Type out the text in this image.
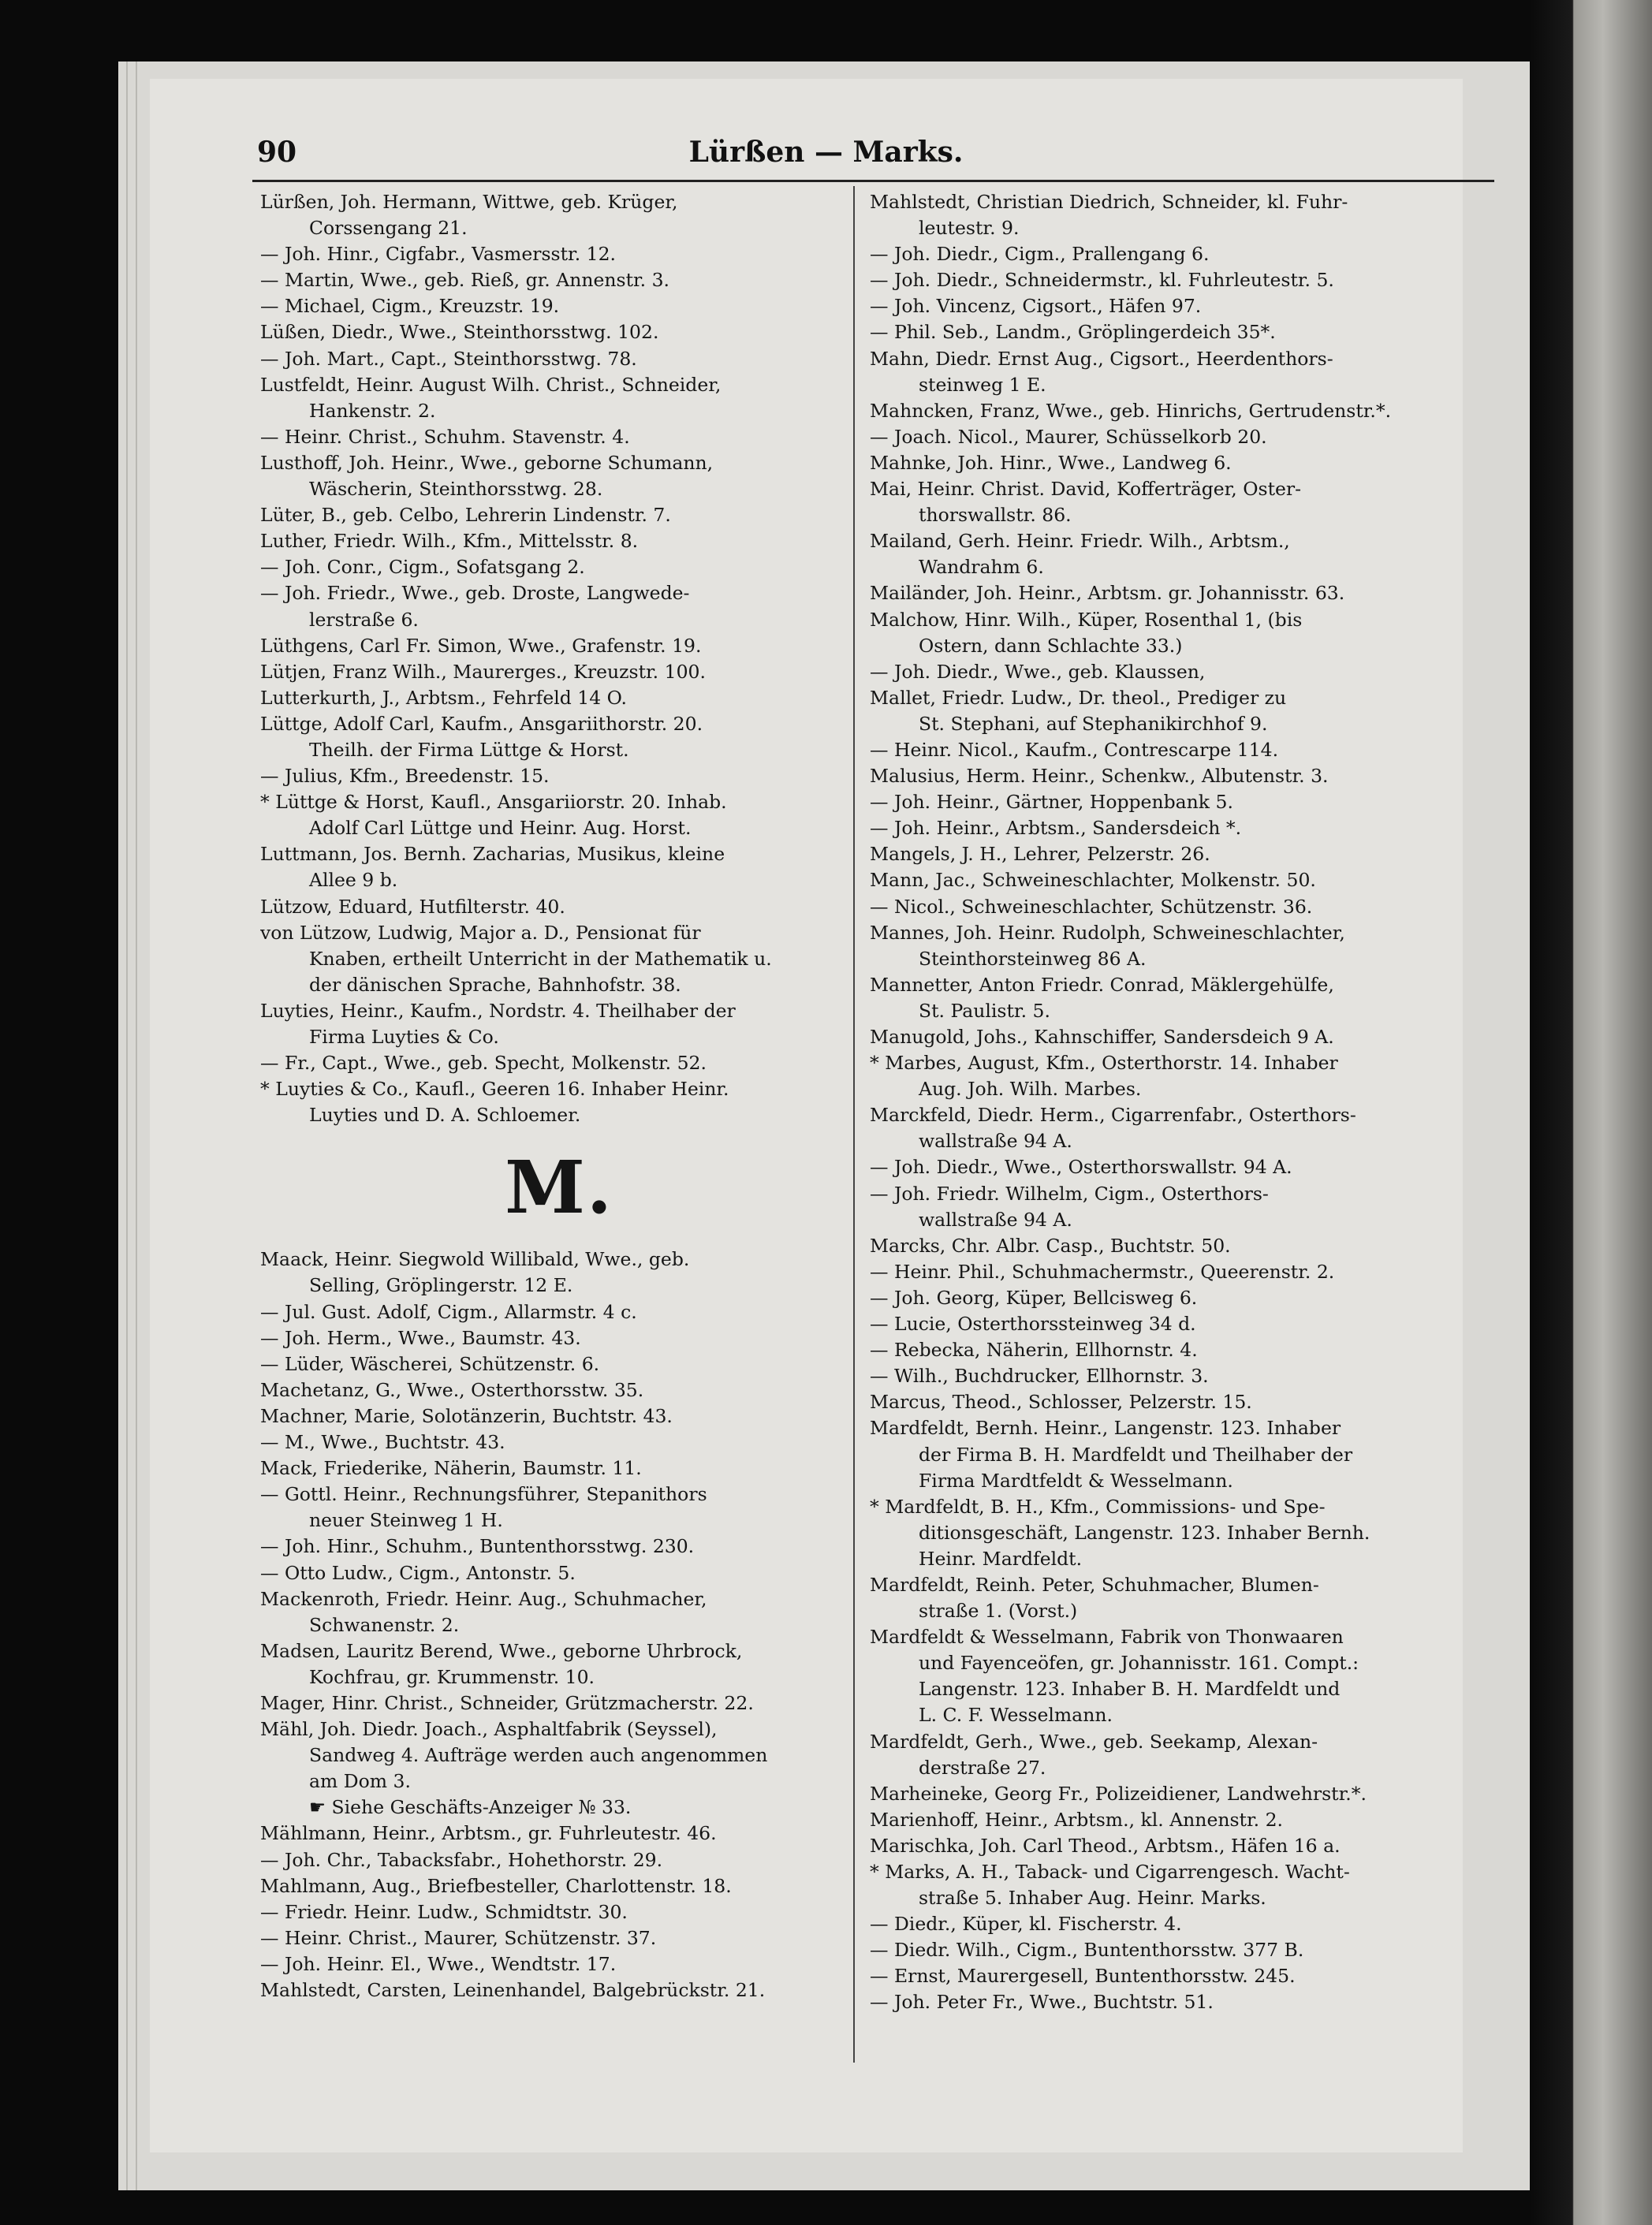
90	Lürßen — Marks.
Lürßen, Joh. Hermann, Wittwe, geb. Krüger,
Corssengang 21.
— Joh. Hinr., Cigfabr., Vasmersstr. 12.
— Martin, Wwe., geb. Rieß, gr. Annenstr. 3.
— Michael, Cigm., Kreuzstr. 19.
Lüßen, Diedr., Wwe., Steinthorsstwg. 102.
— Joh. Mart., Capt., Steinthorsstwg. 78.
Lustfeldt, Heinr. August Wilh. Christ., Schneider,
Hankenstr. 2.
— Heinr. Christ., Schuhm. Stavenstr. 4.
Lusthoff, Joh. Heinr., Wwe., geborne Schumann,
Wäscherin, Steinthorsstwg. 28.
Lüter, B., geb. Celbo, Lehrerin Lindenstr. 7.
Luther, Friedr. Wilh., Kfm., Mittelsstr. 8.
— Joh. Conr., Cigm., Sofatsgang 2.
— Joh. Friedr., Wwe., geb. Droste, Langwede-
lerstraße 6.
Lüthgens, Carl Fr. Simon, Wwe., Grafenstr. 19.
Lütjen, Franz Wilh., Maurerges., Kreuzstr. 100.
Lutterkurth, J., Arbtsm., Fehrfeld 14 O.
Lüttge, Adolf Carl, Kaufm., Ansgariithorstr. 20.
Theilh. der Firma Lüttge & Horst.
— Julius, Kfm., Breedenstr. 15.
* Lüttge & Horst, Kaufl., Ansgariiorstr. 20. Inhab.
Adolf Carl Lüttge und Heinr. Aug. Horst.
Luttmann, Jos. Bernh. Zacharias, Musikus, kleine
Allee 9 b.
Lützow, Eduard, Hutfilterstr. 40.
von Lützow, Ludwig, Major a. D., Pensionat für
Knaben, ertheilt Unterricht in der Mathematik u.
der dänischen Sprache, Bahnhofstr. 38.
Luyties, Heinr., Kaufm., Nordstr. 4. Theilhaber der
Firma Luyties & Co.
— Fr., Capt., Wwe., geb. Specht, Molkenstr. 52.
* Luyties & Co., Kaufl., Geeren 16. Inhaber Heinr.
Luyties und D. A. Schloemer.
M.
Maack, Heinr. Siegwold Willibald, Wwe., geb.
Selling, Gröplingerstr. 12 E.
— Jul. Gust. Adolf, Cigm., Allarmstr. 4 c.
— Joh. Herm., Wwe., Baumstr. 43.
— Lüder, Wäscherei, Schützenstr. 6.
Machetanz, G., Wwe., Osterthorsstw. 35.
Machner, Marie, Solotänzerin, Buchtstr. 43.
— M., Wwe., Buchtstr. 43.
Mack, Friederike, Näherin, Baumstr. 11.
— Gottl. Heinr., Rechnungsführer, Stepanithors
neuer Steinweg 1 H.
— Joh. Hinr., Schuhm., Buntenthorsstwg. 230.
— Otto Ludw., Cigm., Antonstr. 5.
Mackenroth, Friedr. Heinr. Aug., Schuhmacher,
Schwanenstr. 2.
Madsen, Lauritz Berend, Wwe., geborne Uhrbrock,
Kochfrau, gr. Krummenstr. 10.
Mager, Hinr. Christ., Schneider, Grützmacherstr. 22.
Mähl, Joh. Diedr. Joach., Asphaltfabrik (Seyssel),
Sandweg 4. Aufträge werden auch angenommen
am Dom 3.
☛ Siehe Geschäfts-Anzeiger № 33.
Mählmann, Heinr., Arbtsm., gr. Fuhrleutestr. 46.
— Joh. Chr., Tabacksfabr., Hohethorstr. 29.
Mahlmann, Aug., Briefbesteller, Charlottenstr. 18.
— Friedr. Heinr. Ludw., Schmidtstr. 30.
— Heinr. Christ., Maurer, Schützenstr. 37.
— Joh. Heinr. El., Wwe., Wendtstr. 17.
Mahlstedt, Carsten, Leinenhandel, Balgebrückstr. 21.
Mahlstedt, Christian Diedrich, Schneider, kl. Fuhr-
leutestr. 9.
— Joh. Diedr., Cigm., Prallengang 6.
— Joh. Diedr., Schneidermstr., kl. Fuhrleutestr. 5.
— Joh. Vincenz, Cigsort., Häfen 97.
— Phil. Seb., Landm., Gröplingerdeich 35*.
Mahn, Diedr. Ernst Aug., Cigsort., Heerdenthors-
steinweg 1 E.
Mahncken, Franz, Wwe., geb. Hinrichs, Gertrudenstr.*.
— Joach. Nicol., Maurer, Schüsselkorb 20.
Mahnke, Joh. Hinr., Wwe., Landweg 6.
Mai, Heinr. Christ. David, Kofferträger, Oster-
thorswallstr. 86.
Mailand, Gerh. Heinr. Friedr. Wilh., Arbtsm.,
Wandrahm 6.
Mailänder, Joh. Heinr., Arbtsm. gr. Johannisstr. 63.
Malchow, Hinr. Wilh., Küper, Rosenthal 1, (bis
Ostern, dann Schlachte 33.)
— Joh. Diedr., Wwe., geb. Klaussen,
Mallet, Friedr. Ludw., Dr. theol., Prediger zu
St. Stephani, auf Stephanikirchhof 9.
— Heinr. Nicol., Kaufm., Contrescarpe 114.
Malusius, Herm. Heinr., Schenkw., Albutenstr. 3.
— Joh. Heinr., Gärtner, Hoppenbank 5.
— Joh. Heinr., Arbtsm., Sandersdeich *.
Mangels, J. H., Lehrer, Pelzerstr. 26.
Mann, Jac., Schweineschlachter, Molkenstr. 50.
— Nicol., Schweineschlachter, Schützenstr. 36.
Mannes, Joh. Heinr. Rudolph, Schweineschlachter,
Steinthorsteinweg 86 A.
Mannetter, Anton Friedr. Conrad, Mäklergehülfe,
St. Paulistr. 5.
Manugold, Johs., Kahnschiffer, Sandersdeich 9 A.
* Marbes, August, Kfm., Osterthorstr. 14. Inhaber
Aug. Joh. Wilh. Marbes.
Marckfeld, Diedr. Herm., Cigarrenfabr., Osterthors-
wallstraße 94 A.
— Joh. Diedr., Wwe., Osterthorswallstr. 94 A.
— Joh. Friedr. Wilhelm, Cigm., Osterthors-
wallstraße 94 A.
Marcks, Chr. Albr. Casp., Buchtstr. 50.
— Heinr. Phil., Schuhmachermstr., Queerenstr. 2.
— Joh. Georg, Küper, Bellcisweg 6.
— Lucie, Osterthorssteinweg 34 d.
— Rebecka, Näherin, Ellhornstr. 4.
— Wilh., Buchdrucker, Ellhornstr. 3.
Marcus, Theod., Schlosser, Pelzerstr. 15.
Mardfeldt, Bernh. Heinr., Langenstr. 123. Inhaber
der Firma B. H. Mardfeldt und Theilhaber der
Firma Mardtfeldt & Wesselmann.
* Mardfeldt, B. H., Kfm., Commissions- und Spe-
ditionsgeschäft, Langenstr. 123. Inhaber Bernh.
Heinr. Mardfeldt.
Mardfeldt, Reinh. Peter, Schuhmacher, Blumen-
straße 1. (Vorst.)
Mardfeldt & Wesselmann, Fabrik von Thonwaaren
und Fayenceöfen, gr. Johannisstr. 161. Compt.:
Langenstr. 123. Inhaber B. H. Mardfeldt und
L. C. F. Wesselmann.
Mardfeldt, Gerh., Wwe., geb. Seekamp, Alexan-
derstraße 27.
Marheineke, Georg Fr., Polizeidiener, Landwehrstr.*.
Marienhoff, Heinr., Arbtsm., kl. Annenstr. 2.
Marischka, Joh. Carl Theod., Arbtsm., Häfen 16 a.
* Marks, A. H., Taback- und Cigarrengesch. Wacht-
straße 5. Inhaber Aug. Heinr. Marks.
— Diedr., Küper, kl. Fischerstr. 4.
— Diedr. Wilh., Cigm., Buntenthorsstw. 377 B.
— Ernst, Maurergesell, Buntenthorsstw. 245.
— Joh. Peter Fr., Wwe., Buchtstr. 51.
